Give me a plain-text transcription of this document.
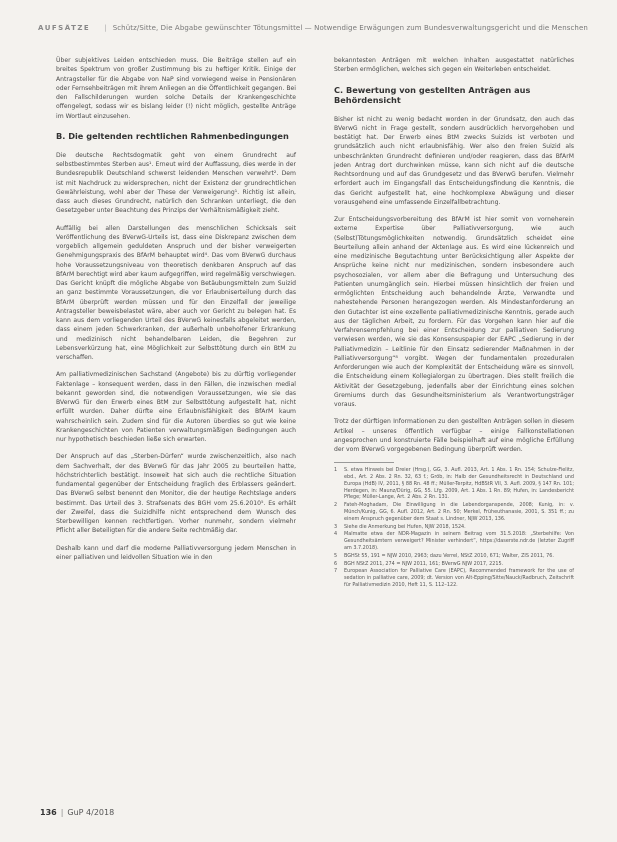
AUFSÄTZE | Schütz/Sitte, Die Abgabe gewünschter Tötungsmittel — Notwendige Erwägungen zum Bundesverwaltungsgericht und die Menschen

Über subjektives Leiden entschieden muss. Die Beiträge stellen auf ein breites Spektrum von großer Zustimmung bis zu heftiger Kritik. Einige der Antragsteller für die Abgabe von NaP sind vorwiegend weise in Pensionären oder Fernsehbeiträgen mit ihrem Anliegen an die Öffentlichkeit gegangen. Bei den Fallschilderungen wurden solche Details der Krankengeschichte offengelegt, sodass wir es bislang leider (!) nicht möglich, gestellte Anträge im Wortlaut einzusehen.

B. Die geltenden rechtlichen Rahmenbedingungen

Die deutsche Rechtsdogmatik geht von einem Grundrecht auf selbstbestimmtes Sterben aus¹. Erneut wird der Auffassung, dies werde in der Bundesrepublik Deutschland schwerst leidenden Menschen verwehrt². Dem ist mit Nachdruck zu widersprechen, nicht der Existenz der grundrechtlichen Gewährleistung, wohl aber der These der Verweigerung¹. Richtig ist allein, dass auch dieses Grundrecht, natürlich den Schranken unterliegt, die den Gesetzgeber unter Beachtung des Prinzips der Verhältnismäßigkeit zieht.

Auffällig bei allen Darstellungen des menschlichen Schicksals seit Veröffentlichung des BVerwG-Urteils ist, dass eine Diskrepanz zwischen dem vorgeblich allgemein geduldeten Anspruch und der bisher verweigerten Genehmigungspraxis des BfArM behauptet wird⁴. Das vom BVerwG durchaus hohe Voraussetzungsniveau von theoretisch denkbaren Anspruch auf das BfArM berechtigt wird aber kaum aufgegriffen, wird regelmäßig verschwiegen. Das Gericht knüpft die mögliche Abgabe von Betäubungsmitteln zum Suizid an ganz bestimmte Voraussetzungen, die vor Erlaubniserteilung durch das BfArM überprüft werden müssen und für den Einzelfall der jeweilige Antragsteller beweisbelastet wäre, aber auch vor Gericht zu belegen hat. Es kann aus dem vorliegenden Urteil des BVerwG keinesfalls abgeleitet werden, dass einem jeden Schwerkranken, der außerhalb unbeholfener Erkrankung und medizinisch nicht behandelbaren Leiden, die Begehren zur Lebensverkürzung hat, eine Möglichkeit zur Selbsttötung durch ein BtM zu verschaffen.

Am palliativmedizinischen Sachstand (Angebote) bis zu dürftig vorliegender Faktenlage – konsequent werden, dass in den Fällen, die inzwischen medial bekannt geworden sind, die notwendigen Voraussetzungen, wie sie das BVerwG für den Erwerb eines BtM zur Selbsttötung aufgestellt hat, nicht erfüllt wurden. Daher dürfte eine Erlaubnisfähigkeit des BfArM kaum wahrscheinlich sein. Zudem sind für die Autoren überdies so gut wie keine Krankengeschichten von Patienten verwaltungsmäßigen Bedingungen auch nur hypothetisch beschieden ließe sich erwarten.

Der Anspruch auf das „Sterben-Dürfen“ wurde zwischenzeitlich, also nach dem Sachverhalt, der des BVerwG für das Jahr 2005 zu beurteilen hatte, höchstrichterlich bestätigt. Insoweit hat sich auch die rechtliche Situation fundamental gegenüber der Entscheidung fraglich des Erblassers geändert. Das BVerwG selbst benennt den Monitor, die der heutige Rechtslage anders bestimmt. Das Urteil des 3. Strafsenats des BGH vom 25.6.2010⁵. Es erhält der Zweifel, dass die Suizidhilfe nicht entsprechend dem Wunsch des Sterbewilligen kennen rechtfertigen. Vorher nunmehr, sondern vielmehr Pflicht aller Beteiligten für die andere Seite rechtmäßig dar.

Deshalb kann und darf die moderne Palliativversorgung jedem Menschen in einer palliativen und leidvollen Situation wie in den

bekanntesten Anträgen mit welchen Inhalten ausgestattet natürliches Sterben ermöglichen, welches sich gegen ein Weiterleben entscheidet.

C. Bewertung von gestellten Anträgen aus Behördensicht

Bisher ist nicht zu wenig bedacht worden in der Grundsatz, den auch das BVerwG nicht in Frage gestellt, sondern ausdrücklich hervorgehoben und bestätigt hat. Der Erwerb eines BtM zwecks Suizids ist verboten und grundsätzlich auch nicht erlaubnisfähig. Wer also den freien Suizid als unbeschränkten Grundrecht definieren und/oder reagieren, dass das BfArM jeden Antrag dort durchwinken müsse, kann sich nicht auf die deutsche Rechtsordnung und auf das Grundgesetz und das BVerwG berufen. Vielmehr erfordert auch im Eingangsfall das Entscheidungsfindung die Kenntnis, die das Gericht aufgestellt hat, eine hochkomplexe Abwägung und dieser vorausgehend eine umfassende Einzelfallbetrachtung.

Zur Entscheidungsvorbereitung des BfArM ist hier somit von vorneherein externe Expertise über Palliativversorgung, wie auch (Selbst)Tötungsmöglichkeiten notwendig. Grundsätzlich scheidet eine Beurteilung allein anhand der Aktenlage aus. Es wird eine lückenreich und eine medizinische Begutachtung unter Berücksichtigung aller Aspekte der Ansprüche keine nicht nur medizinischen, sondern insbesondere auch psychosozialen, vor allem aber die Befragung und Untersuchung des Patienten unumgänglich sein. Hierbei müssen hinsichtlich der freien und ermöglichten Entscheidung auch behandelnde Ärzte, Verwandte und nahestehende Personen herangezogen werden. Als Mindestanforderung an den Gutachter ist eine exzellente palliativmedizinische Kenntnis, gerade auch aus der täglichen Arbeit, zu fordern. Für das Vorgehen kann hier auf die Verfahrensempfehlung bei einer Entscheidung zur palliativen Sedierung verwiesen werden, wie sie das Konsensuspapier der EAPC „Sedierung in der Palliativmedizin – Leitlinie für den Einsatz sedierender Maßnahmen in der Palliativversorgung“⁸ vorgibt. Wegen der fundamentalen prozeduralen Anforderungen wie auch der Komplexität der Entscheidung wäre es sinnvoll, die Entscheidung einem Kollegialorgan zu übertragen. Dies stellt freilich die Aktivität der Gesetzgebung, jedenfalls aber der Einrichtung eines solchen Gremiums durch das Gesundheitsministerium als Verantwortungsträger voraus.

Trotz der dürftigen Informationen zu den gestellten Anträgen sollen in diesem Artikel – unseres öffentlich verfügbar – einige Fallkonstellationen angesprochen und konstruierte Fälle beispielhaft auf eine mögliche Erfüllung der vom BVerwG vorgegebenen Bedingung überprüft werden.

1	S. etwa Hinweis bei Dreier (Hrsg.), GG, 3. Aufl. 2013, Art. 1 Abs. 1 Rn. 154; Schulze-Fielitz, ebd., Art. 2 Abs. 2 Rn. 32, 63 f.; Gröb, in: Halb der Gesundheitsrecht in Deutschland und Europa (HdB) IV, 2011, § 88 Rn. 48 ff.; Müller-Terpitz, HdBStR VII, 3. Aufl. 2009, § 147 Rn. 101; Herdegen, in: Maunz/Dürig, GG, 55. Lfg. 2009, Art. 1 Abs. 1 Rn. 89; Hufen, in: Landesbericht Pflege; Müller-Lange, Art. 2 Abs. 2 Rn. 131.
2	Fateh-Moghadam, Die Einwilligung in die Lebendorganspende, 2008; Kunig, in: v. Münch/Kunig, GG, 6. Aufl. 2012, Art. 2 Rn. 50; Merkel, Früheuthanasie, 2001, S. 351 ff.; zu einem Anspruch gegenüber dem Staat s. Lindner, NJW 2013, 136.
3	Siehe die Anmerkung bei Hufen, NJW 2018, 1524.
4	Malmatte etwa der NDR-Magazin in seinem Beitrag vom 31.5.2018: „Sterbehilfe: Von Gesundheitsämtern verweigert? Minister verhindert“, https://daserste.ndr.de (letzter Zugriff am 3.7.2018).
5	BGHSt 55, 191 = NJW 2010, 2963; dazu Verrel, NStZ 2010, 671; Walter, ZIS 2011, 76.
6	BGH NStZ 2011, 274 = NJW 2011, 161; BVerwG NJW 2017, 2215.
7	European Association for Palliative Care (EAPC), Recommended framework for the use of sedation in palliative care, 2009; dt. Version von Alt-Epping/Sitte/Nauck/Radbruch, Zeitschrift für Palliativmedizin 2010, Heft 11, S. 112–122.
136 | GuP 4/2018
